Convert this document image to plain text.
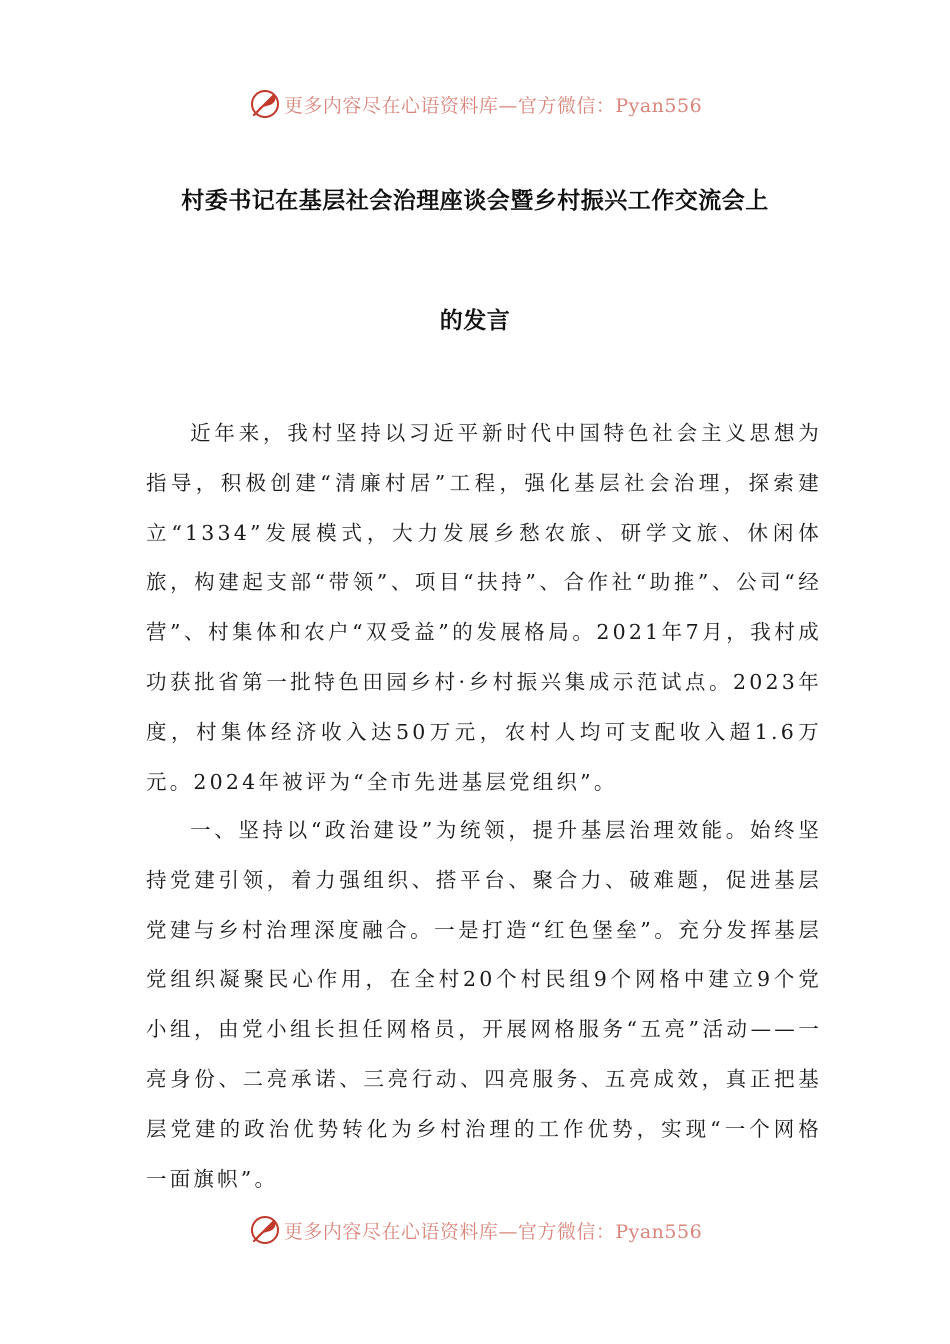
更多内容尽在心语资料库—官方微信：Pyan556
村委书记在基层社会治理座谈会暨乡村振兴工作交流会上
的发言

近年来，我村坚持以习近平新时代中国特色社会主义思想为指导，积极创建“清廉村居”工程，强化基层社会治理，探索建立“1334”发展模式，大力发展乡愁农旅、研学文旅、休闲体旅，构建起支部“带领”、项目“扶持”、合作社“助推”、公司“经营”、村集体和农户“双受益”的发展格局。2021年7月，我村成功获批省第一批特色田园乡村·乡村振兴集成示范试点。2023年度，村集体经济收入达50万元，农村人均可支配收入超1.6万元。2024年被评为“全市先进基层党组织”。

一、坚持以“政治建设”为统领，提升基层治理效能。始终坚持党建引领，着力强组织、搭平台、聚合力、破难题，促进基层党建与乡村治理深度融合。一是打造“红色堡垒”。充分发挥基层党组织凝聚民心作用，在全村20个村民组9个网格中建立9个党小组，由党小组长担任网格员，开展网格服务“五亮”活动——一亮身份、二亮承诺、三亮行动、四亮服务、五亮成效，真正把基层党建的政治优势转化为乡村治理的工作优势，实现“一个网格一面旗帜”。

更多内容尽在心语资料库—官方微信：Pyan556
